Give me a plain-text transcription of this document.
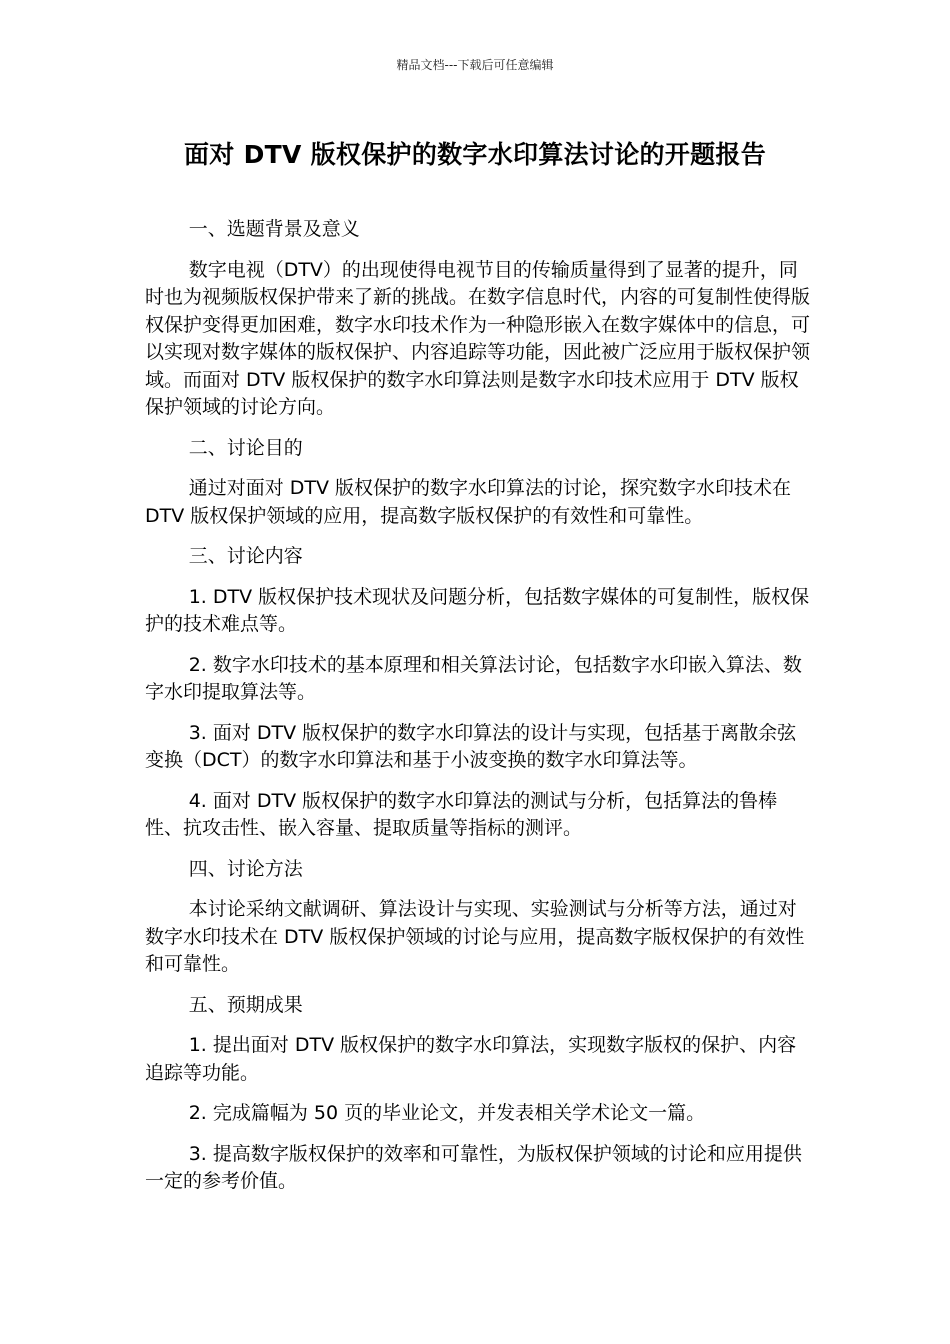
精品文档---下载后可任意编辑
面对 DTV 版权保护的数字水印算法讨论的开题报告

一、选题背景及意义

数字电视（DTV）的出现使得电视节目的传输质量得到了显著的提升，同时也为视频版权保护带来了新的挑战。在数字信息时代，内容的可复制性使得版权保护变得更加困难，数字水印技术作为一种隐形嵌入在数字媒体中的信息，可以实现对数字媒体的版权保护、内容追踪等功能，因此被广泛应用于版权保护领域。而面对 DTV 版权保护的数字水印算法则是数字水印技术应用于 DTV 版权保护领域的讨论方向。

二、讨论目的

通过对面对 DTV 版权保护的数字水印算法的讨论，探究数字水印技术在 DTV 版权保护领域的应用，提高数字版权保护的有效性和可靠性。

三、讨论内容

1. DTV 版权保护技术现状及问题分析，包括数字媒体的可复制性，版权保护的技术难点等。

2. 数字水印技术的基本原理和相关算法讨论，包括数字水印嵌入算法、数字水印提取算法等。

3. 面对 DTV 版权保护的数字水印算法的设计与实现，包括基于离散余弦变换（DCT）的数字水印算法和基于小波变换的数字水印算法等。

4. 面对 DTV 版权保护的数字水印算法的测试与分析，包括算法的鲁棒性、抗攻击性、嵌入容量、提取质量等指标的测评。

四、讨论方法

本讨论采纳文献调研、算法设计与实现、实验测试与分析等方法，通过对数字水印技术在 DTV 版权保护领域的讨论与应用，提高数字版权保护的有效性和可靠性。

五、预期成果

1. 提出面对 DTV 版权保护的数字水印算法，实现数字版权的保护、内容追踪等功能。

2. 完成篇幅为 50 页的毕业论文，并发表相关学术论文一篇。

3. 提高数字版权保护的效率和可靠性，为版权保护领域的讨论和应用提供一定的参考价值。
